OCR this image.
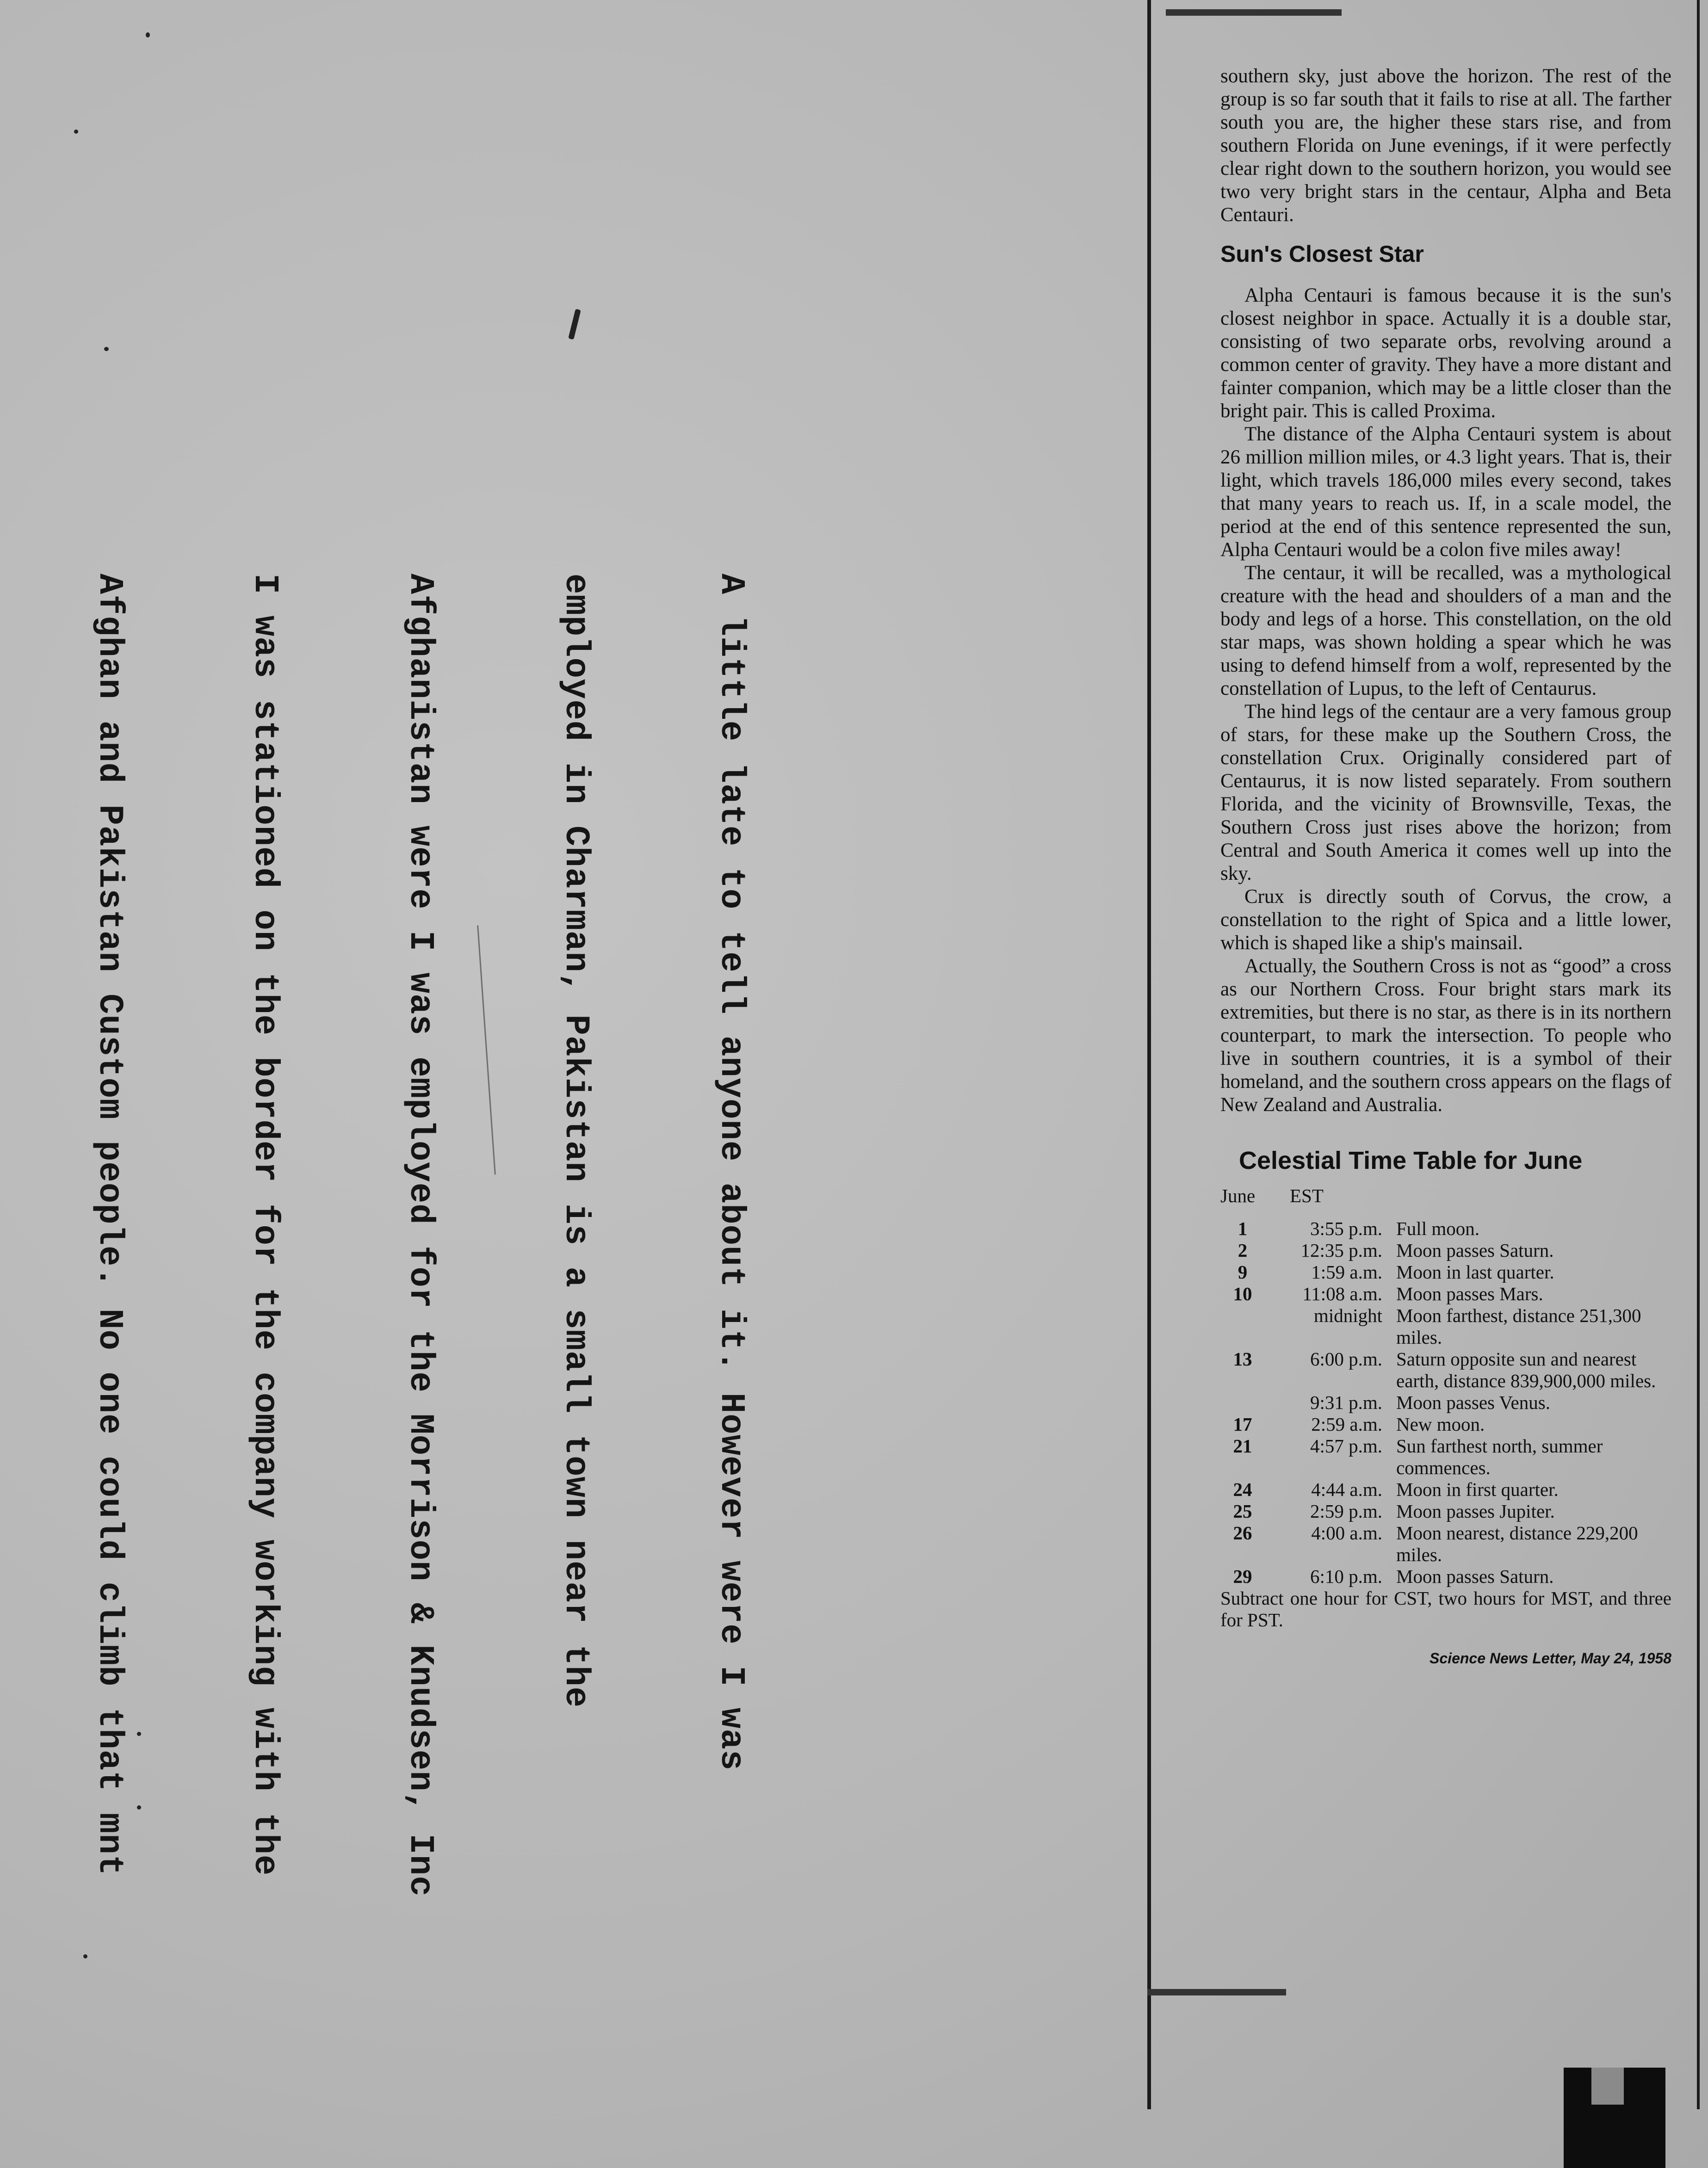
A little late to tell anyone about it. However were I was

employed in Charman, Pakistan is a small town near the

Afghanistan were I was employed for the Morrison & Knudsen, Inc

I was stationed on the border for the company working with the

Afghan and Pakistan Custom people. No one could climb that mnt

southern sky, just above the horizon. The rest of the group is so far south that it fails to rise at all. The farther south you are, the higher these stars rise, and from southern Florida on June evenings, if it were perfectly clear right down to the southern horizon, you would see two very bright stars in the centaur, Alpha and Beta Centauri.

Sun's Closest Star

Alpha Centauri is famous because it is the sun's closest neighbor in space. Actually it is a double star, consisting of two separate orbs, revolving around a common center of gravity. They have a more distant and fainter companion, which may be a little closer than the bright pair. This is called Proxima.

The distance of the Alpha Centauri system is about 26 million million miles, or 4.3 light years. That is, their light, which travels 186,000 miles every second, takes that many years to reach us. If, in a scale model, the period at the end of this sentence represented the sun, Alpha Centauri would be a colon five miles away!

The centaur, it will be recalled, was a mythological creature with the head and shoulders of a man and the body and legs of a horse. This constellation, on the old star maps, was shown holding a spear which he was using to defend himself from a wolf, represented by the constellation of Lupus, to the left of Centaurus.

The hind legs of the centaur are a very famous group of stars, for these make up the Southern Cross, the constellation Crux. Originally considered part of Centaurus, it is now listed separately. From southern Florida, and the vicinity of Brownsville, Texas, the Southern Cross just rises above the horizon; from Central and South America it comes well up into the sky.

Crux is directly south of Corvus, the crow, a constellation to the right of Spica and a little lower, which is shaped like a ship's mainsail.

Actually, the Southern Cross is not as “good” a cross as our Northern Cross. Four bright stars mark its extremities, but there is no star, as there is in its northern counterpart, to mark the intersection. To people who live in southern countries, it is a symbol of their homeland, and the southern cross appears on the flags of New Zealand and Australia.

Celestial Time Table for June
June	EST
1	3:55 p.m. Full moon.
2	12:35 p.m. Moon passes Saturn.
9	1:59 a.m. Moon in last quarter.
10	11:08 a.m. Moon passes Mars.
midnight Moon farthest, distance 251,300 miles.
13	6:00 p.m. Saturn opposite sun and nearest earth, distance 839,900,000 miles.
9:31 p.m. Moon passes Venus.
17	2:59 a.m. New moon.
21	4:57 p.m. Sun farthest north, summer commences.
24	4:44 a.m. Moon in first quarter.
25	2:59 p.m. Moon passes Jupiter.
26	4:00 a.m. Moon nearest, distance 229,200 miles.
29	6:10 p.m. Moon passes Saturn.

Subtract one hour for CST, two hours for MST, and three for PST.

Science News Letter, May 24, 1958
